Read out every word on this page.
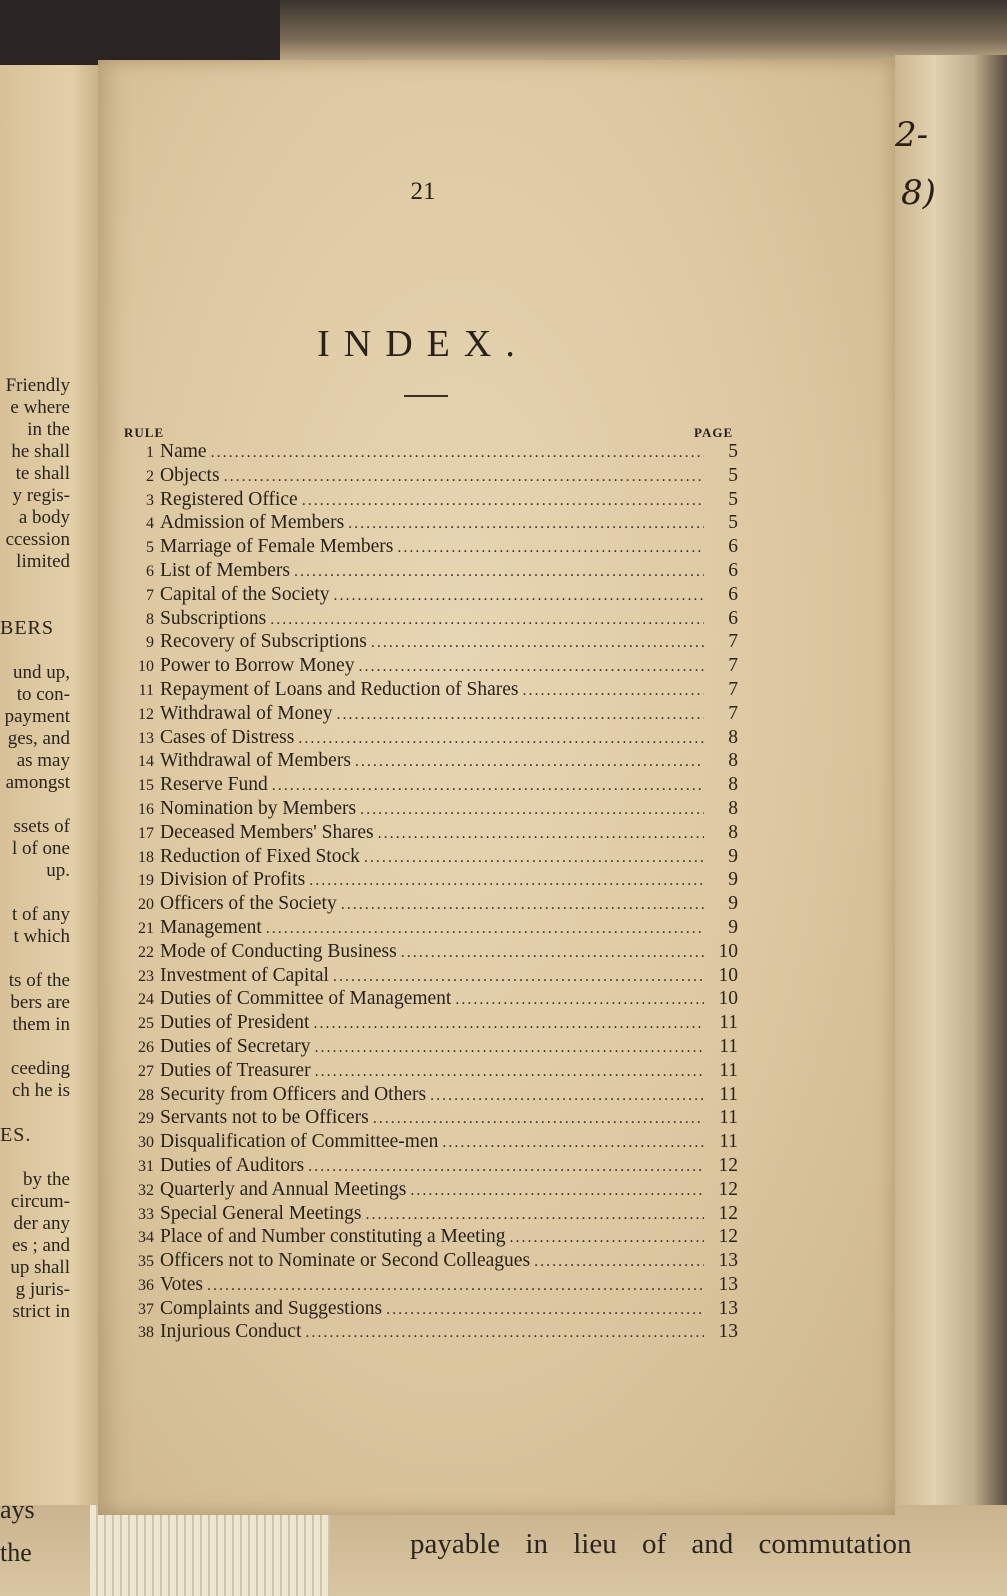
Friendly
e where
in the
he shall
te shall
y regis-
a body
ccession
limited
BERS
und up,
to con-
payment
ges, and
as may
amongst
ssets of
l of one
up.
t of any
t which
ts of the
bers are
them in
ceeding
ch he is
ES.
by the
circum-
der any
es ; and
up shall
g juris-
strict in
2-
8)
ays
the	payable in lieu of and commutation
21
INDEX.
RULE	PAGE
1 Name . . .	5
2 Objects . . .	5
3 Registered Office . . .	5
4 Admission of Members . . .	5
5 Marriage of Female Members . . .	6
6 List of Members . . .	6
7 Capital of the Society . . .	6
8 Subscriptions . . .	6
9 Recovery of Subscriptions . . .	7
10 Power to Borrow Money . . .	7
11 Repayment of Loans and Reduction of Shares . . .	7
12 Withdrawal of Money . . .	7
13 Cases of Distress . . .	8
14 Withdrawal of Members . . .	8
15 Reserve Fund . . .	8
16 Nomination by Members . . .	8
17 Deceased Members' Shares . . .	8
18 Reduction of Fixed Stock . . .	9
19 Division of Profits . . .	9
20 Officers of the Society . . .	9
21 Management . . .	9
22 Mode of Conducting Business . . .	10
23 Investment of Capital . . .	10
24 Duties of Committee of Management . . .	10
25 Duties of President . . .	11
26 Duties of Secretary . . .	11
27 Duties of Treasurer . . .	11
28 Security from Officers and Others . . .	11
29 Servants not to be Officers . . .	11
30 Disqualification of Committee-men . . .	11
31 Duties of Auditors . . .	12
32 Quarterly and Annual Meetings . . .	12
33 Special General Meetings . . .	12
34 Place of and Number constituting a Meeting . . .	12
35 Officers not to Nominate or Second Colleagues . . .	13
36 Votes . . .	13
37 Complaints and Suggestions . . .	13
38 Injurious Conduct . . .	13
